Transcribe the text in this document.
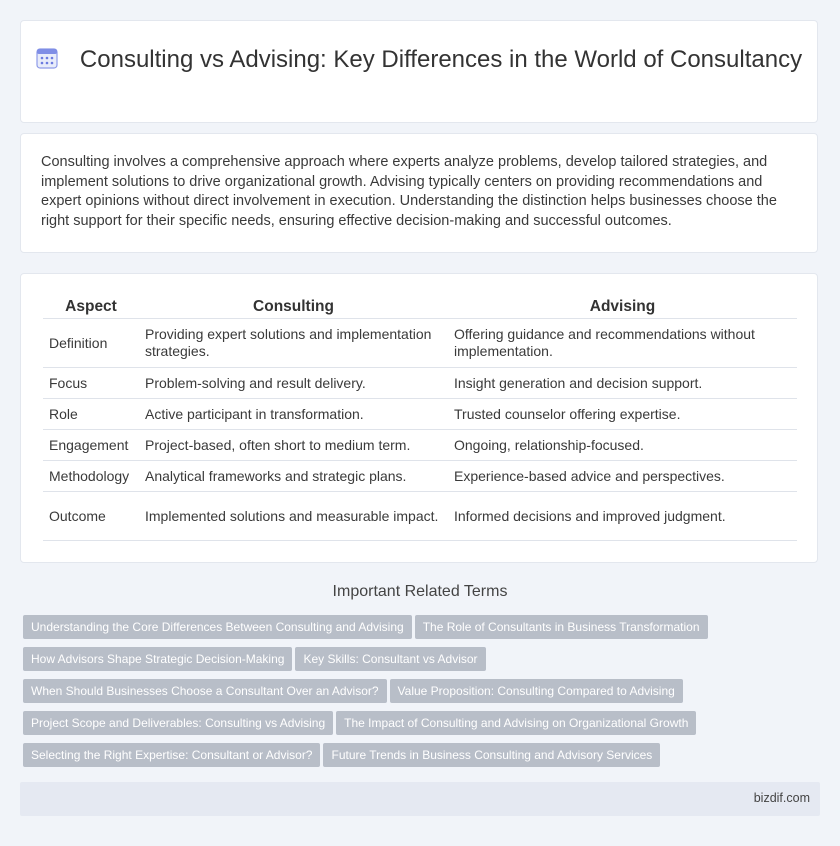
Consulting vs Advising: Key Differences in the World of Consultancy
Consulting involves a comprehensive approach where experts analyze problems, develop tailored strategies, and implement solutions to drive organizational growth. Advising typically centers on providing recommendations and expert opinions without direct involvement in execution. Understanding the distinction helps businesses choose the right support for their specific needs, ensuring effective decision-making and successful outcomes.
Aspect	Consulting	Advising
Definition	Providing expert solutions and implementation strategies.	Offering guidance and recommendations without implementation.
Focus	Problem-solving and result delivery.	Insight generation and decision support.
Role	Active participant in transformation.	Trusted counselor offering expertise.
Engagement	Project-based, often short to medium term.	Ongoing, relationship-focused.
Methodology	Analytical frameworks and strategic plans.	Experience-based advice and perspectives.
Outcome	Implemented solutions and measurable impact.	Informed decisions and improved judgment.
Important Related Terms
Understanding the Core Differences Between Consulting and Advising The Role of Consultants in Business Transformation
How Advisors Shape Strategic Decision-Making Key Skills: Consultant vs Advisor
When Should Businesses Choose a Consultant Over an Advisor? Value Proposition: Consulting Compared to Advising
Project Scope and Deliverables: Consulting vs Advising The Impact of Consulting and Advising on Organizational Growth
Selecting the Right Expertise: Consultant or Advisor? Future Trends in Business Consulting and Advisory Services
bizdif.com
